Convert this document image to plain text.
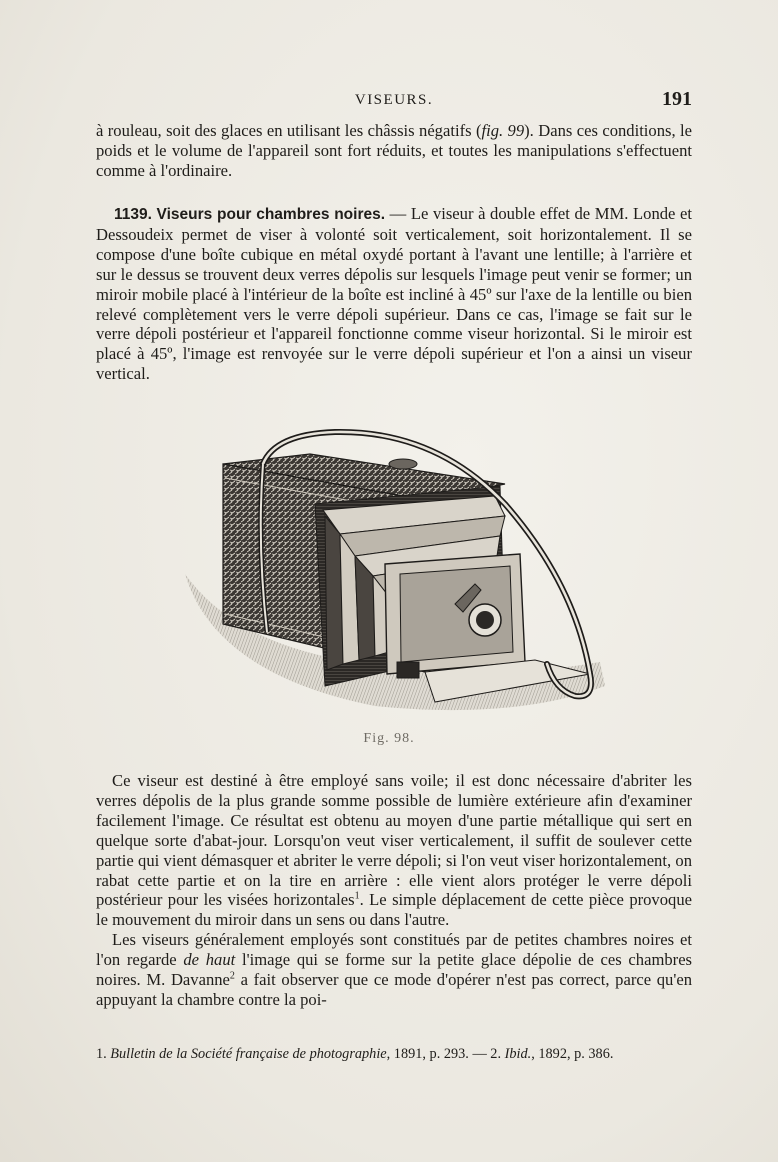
VISEURS.	191

à rouleau, soit des glaces en utilisant les châssis négatifs (fig. 99). Dans ces conditions, le poids et le volume de l'appareil sont fort réduits, et toutes les manipulations s'effectuent comme à l'ordinaire.

1139. Viseurs pour chambres noires. — Le viseur à double effet de MM. Londe et Dessoudeix permet de viser à volonté soit verticalement, soit horizontalement. Il se compose d'une boîte cubique en métal oxydé portant à l'avant une lentille; à l'arrière et sur le dessus se trouvent deux verres dépolis sur lesquels l'image peut venir se former; un miroir mobile placé à l'intérieur de la boîte est incliné à 45º sur l'axe de la lentille ou bien relevé complètement vers le verre dépoli supérieur. Dans ce cas, l'image se fait sur le verre dépoli postérieur et l'appareil fonctionne comme viseur horizontal. Si le miroir est placé à 45º, l'image est renvoyée sur le verre dépoli supérieur et l'on a ainsi un viseur vertical.

Fig. 98.

Ce viseur est destiné à être employé sans voile; il est donc nécessaire d'abriter les verres dépolis de la plus grande somme possible de lumière extérieure afin d'examiner facilement l'image. Ce résultat est obtenu au moyen d'une partie métallique qui sert en quelque sorte d'abat-jour. Lorsqu'on veut viser verticalement, il suffit de soulever cette partie qui vient démasquer et abriter le verre dépoli; si l'on veut viser horizontalement, on rabat cette partie et on la tire en arrière : elle vient alors protéger le verre dépoli postérieur pour les visées horizontales$^1$. Le simple déplacement de cette pièce provoque le mouvement du miroir dans un sens ou dans l'autre.

Les viseurs généralement employés sont constitués par de petites chambres noires et l'on regarde de haut l'image qui se forme sur la petite glace dépolie de ces chambres noires. M. Davanne$^2$ a fait observer que ce mode d'opérer n'est pas correct, parce qu'en appuyant la chambre contre la poi-

1. Bulletin de la Société française de photographie, 1891, p. 293. — 2. Ibid., 1892, p. 386.
